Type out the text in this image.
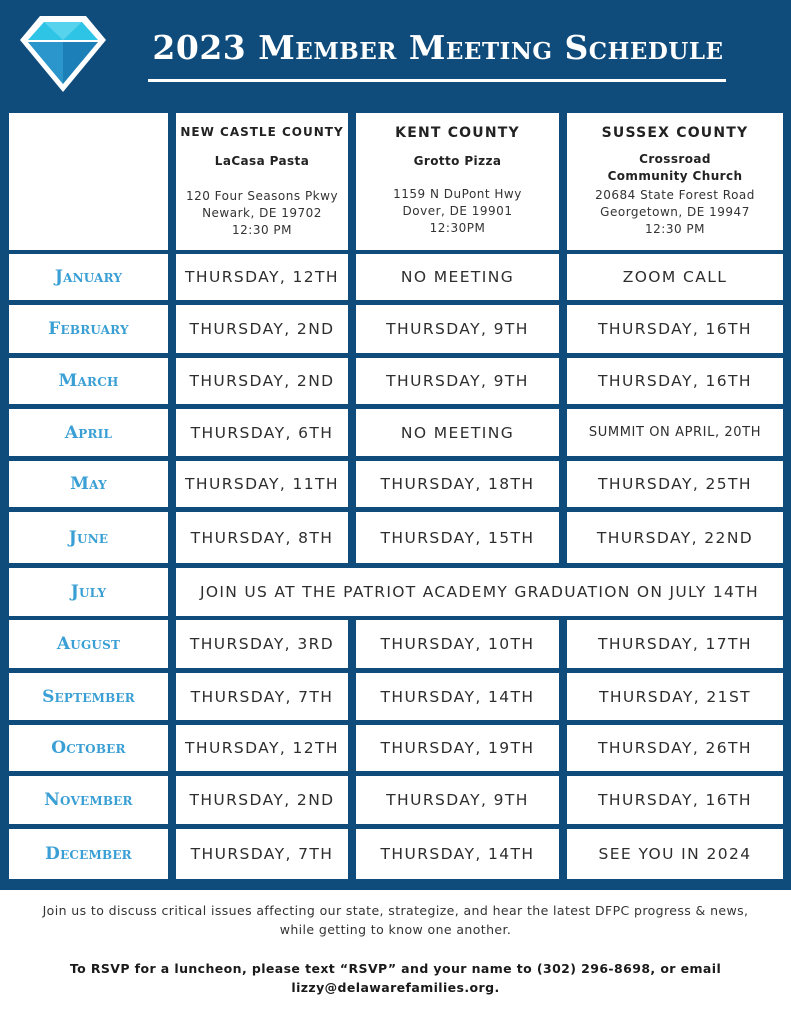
2023 Member Meeting Schedule
NEW CASTLE COUNTY
LaCasa Pasta
120 Four Seasons Pkwy
Newark, DE 19702
12:30 PM
KENT COUNTY
Grotto Pizza
1159 N DuPont Hwy
Dover, DE 19901
12:30PM
SUSSEX COUNTY
Crossroad Community Church
20684 State Forest Road
Georgetown, DE 19947
12:30 PM
January	THURSDAY, 12TH	NO MEETING	ZOOM CALL
February	THURSDAY, 2ND	THURSDAY, 9TH	THURSDAY, 16TH
March	THURSDAY, 2ND	THURSDAY, 9TH	THURSDAY, 16TH
April	THURSDAY, 6TH	NO MEETING	SUMMIT ON APRIL, 20TH
May	THURSDAY, 11TH	THURSDAY, 18TH	THURSDAY, 25TH
June	THURSDAY, 8TH	THURSDAY, 15TH	THURSDAY, 22ND
July	JOIN US AT THE PATRIOT ACADEMY GRADUATION ON JULY 14TH
August	THURSDAY, 3RD	THURSDAY, 10TH	THURSDAY, 17TH
September	THURSDAY, 7TH	THURSDAY, 14TH	THURSDAY, 21ST
October	THURSDAY, 12TH	THURSDAY, 19TH	THURSDAY, 26TH
November	THURSDAY, 2ND	THURSDAY, 9TH	THURSDAY, 16TH
December	THURSDAY, 7TH	THURSDAY, 14TH	SEE YOU IN 2024
Join us to discuss critical issues affecting our state, strategize, and hear the latest DFPC progress & news, while getting to know one another.
To RSVP for a luncheon, please text “RSVP” and your name to (302) 296-8698, or email
lizzy@delawarefamilies.org.
